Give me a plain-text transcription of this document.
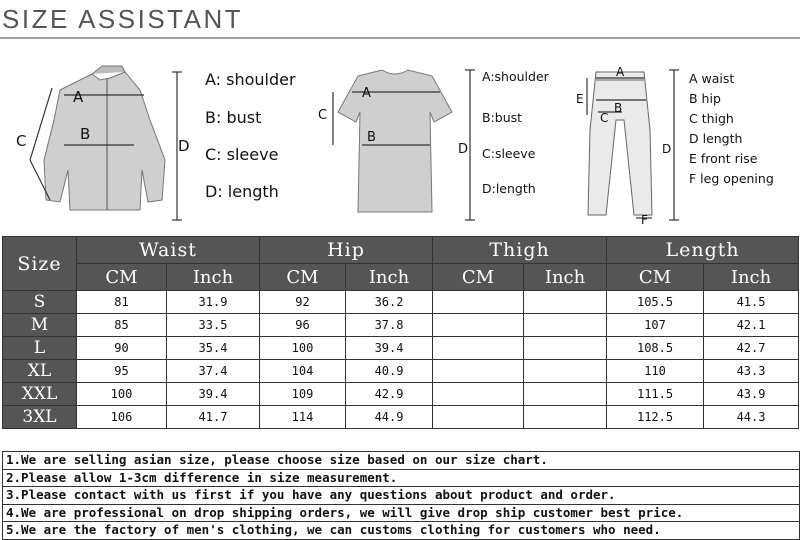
SIZE ASSISTANT
A
B
C	D
A: shoulder
B: bust
C: sleeve
D: length
A
B
C
D
A:shoulder
B:bust
C:sleeve
D:length
A
B
C
D
E
F
A waist
B hip
C thigh
D length
E front rise
F leg opening
Size	Waist		Hip		Thigh		Length	
	CM	Inch	CM	Inch	CM	Inch	CM	Inch
S	81	31.9	92	36.2			105.5	41.5
M	85	33.5	96	37.8			107	42.1
L	90	35.4	100	39.4			108.5	42.7
XL	95	37.4	104	40.9			110	43.3
XXL	100	39.4	109	42.9			111.5	43.9
3XL	106	41.7	114	44.9			112.5	44.3
1.We are selling asian size, please choose size based on our size chart.
2.Please allow 1-3cm difference in size measurement.
3.Please contact with us first if you have any questions about product and order.
4.We are professional on drop shipping orders, we will give drop ship customer best price.
5.We are the factory of men's clothing, we can customs clothing for customers who need.
